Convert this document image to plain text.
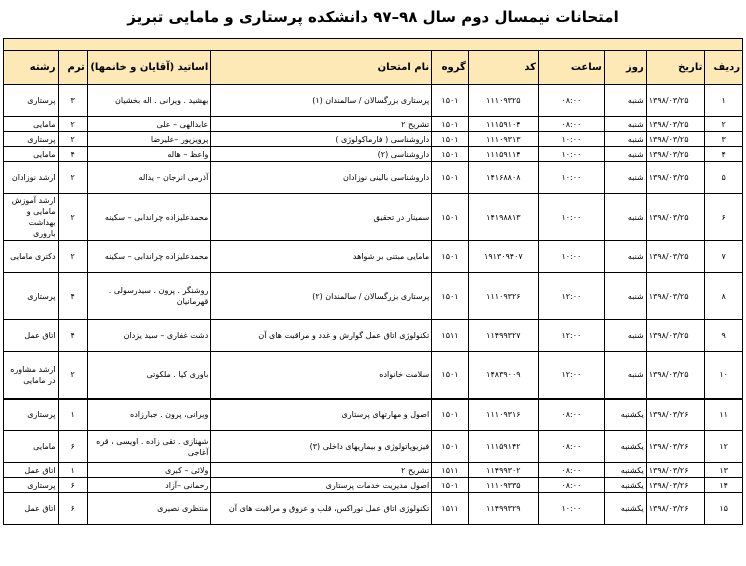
امتحانات نیمسال دوم سال ۹۸–۹۷ دانشکده پرستاری و مامایی تبریز
ردیف	تاریخ	روز	ساعت	کد	گروه	نام امتحان	اساتید (آقایان و خانمها)	ترم	رشته
۱	۱۳۹۸/۰۳/۲۵	شنبه	۰۸:۰۰	۱۱۱۰۹۳۲۵	۱۵۰۱	پرستاری بزرگسالان / سالمندان (۱)	بهشید . ویرانی . اله بخشیان	۳	پرستاری
۲	۱۳۹۸/۰۳/۲۵	شنبه	۰۸:۰۰	۱۱۱۵۹۱۰۴	۱۵۰۱	تشریح ۲	عابدالهی – علی	۲	مامایی
۳	۱۳۹۸/۰۳/۲۵	شنبه	۱۰:۰۰	۱۱۱۰۹۳۱۳	۱۵۰۱	داروشناسی ( فارماکولوژی )	پرویزپور –علیرضا	۲	پرستاری
۴	۱۳۹۸/۰۳/۲۵	شنبه	۱۰:۰۰	۱۱۱۵۹۱۱۴	۱۵۰۱	داروشناسی (۲)	واعظ – هاله	۴	مامایی
۵	۱۳۹۸/۰۳/۲۵	شنبه	۱۰:۰۰	۱۴۱۶۸۸۰۸	۱۵۰۱	داروشناسی بالینی نوزادان	آذرمی انرجان – یداله	۲	ارشد نوزادان
۶	۱۳۹۸/۰۳/۲۵	شنبه	۱۰:۰۰	۱۴۱۹۸۸۱۳	۱۵۰۱	سمینار در تحقیق	محمدعلیزاده چراندابی – سکینه	۲	ارشد آموزش مامایی و بهداشت باروری
۷	۱۳۹۸/۰۳/۲۵	شنبه	۱۰:۰۰	۱۹۱۳۰۹۴۰۷	۱۵۰۱	مامایی مبتنی بر شواهد	محمدعلیزاده چراندابی – سکینه	۲	دکتری مامایی
۸	۱۳۹۸/۰۳/۲۵	شنبه	۱۲:۰۰	۱۱۱۰۹۳۲۶	۱۵۰۱	پرستاری بزرگسالان / سالمندان (۲)	روشنگر . پرون . سیدرسولی . قهرمانیان	۴	پرستاری
۹	۱۳۹۸/۰۳/۲۵	شنبه	۱۲:۰۰	۱۱۴۹۹۳۲۷	۱۵۱۱	تکنولوژی اتاق عمل گوارش و غدد و مراقبت های آن	دشت غفاری – سید یزدان	۴	اتاق عمل
۱۰	۱۳۹۸/۰۳/۲۵	شنبه	۱۲:۰۰	۱۴۸۳۹۰۰۹	۱۵۰۱	سلامت خانواده	باوری کیا . ملکوتی	۲	ارشد مشاوره در مامایی
۱۱	۱۳۹۸/۰۳/۲۶	یکشنبه	۰۸:۰۰	۱۱۱۰۹۳۱۶	۱۵۰۱	اصول و مهارتهای پرستاری	ویرانی، پرون . جبارزاده	۱	پرستاری
۱۲	۱۳۹۸/۰۳/۲۶	یکشنبه	۰۸:۰۰	۱۱۱۵۹۱۴۲	۱۵۰۱	فیزیوپاتولوژی و بیماریهای داخلی (۳)	شهنازی . تقی زاده . اویسی ، قره آغاجی	۶	مامایی
۱۳	۱۳۹۸/۰۳/۲۶	یکشنبه	۰۸:۰۰	۱۱۴۹۹۳۰۲	۱۵۱۱	تشریح ۲	ولائی – کبری	۱	اتاق عمل
۱۴	۱۳۹۸/۰۳/۲۶	یکشنبه	۰۸:۰۰	۱۱۱۰۹۳۳۵	۱۵۰۱	اصول مدیریت خدمات پرستاری	رحمانی –آزاد	۶	پرستاری
۱۵	۱۳۹۸/۰۳/۲۶	یکشنبه	۱۰:۰۰	۱۱۴۹۹۳۲۹	۱۵۱۱	تکنولوژی اتاق عمل توراکس، قلب و عروق و مراقبت های آن	منتظری نصیری	۶	اتاق عمل
